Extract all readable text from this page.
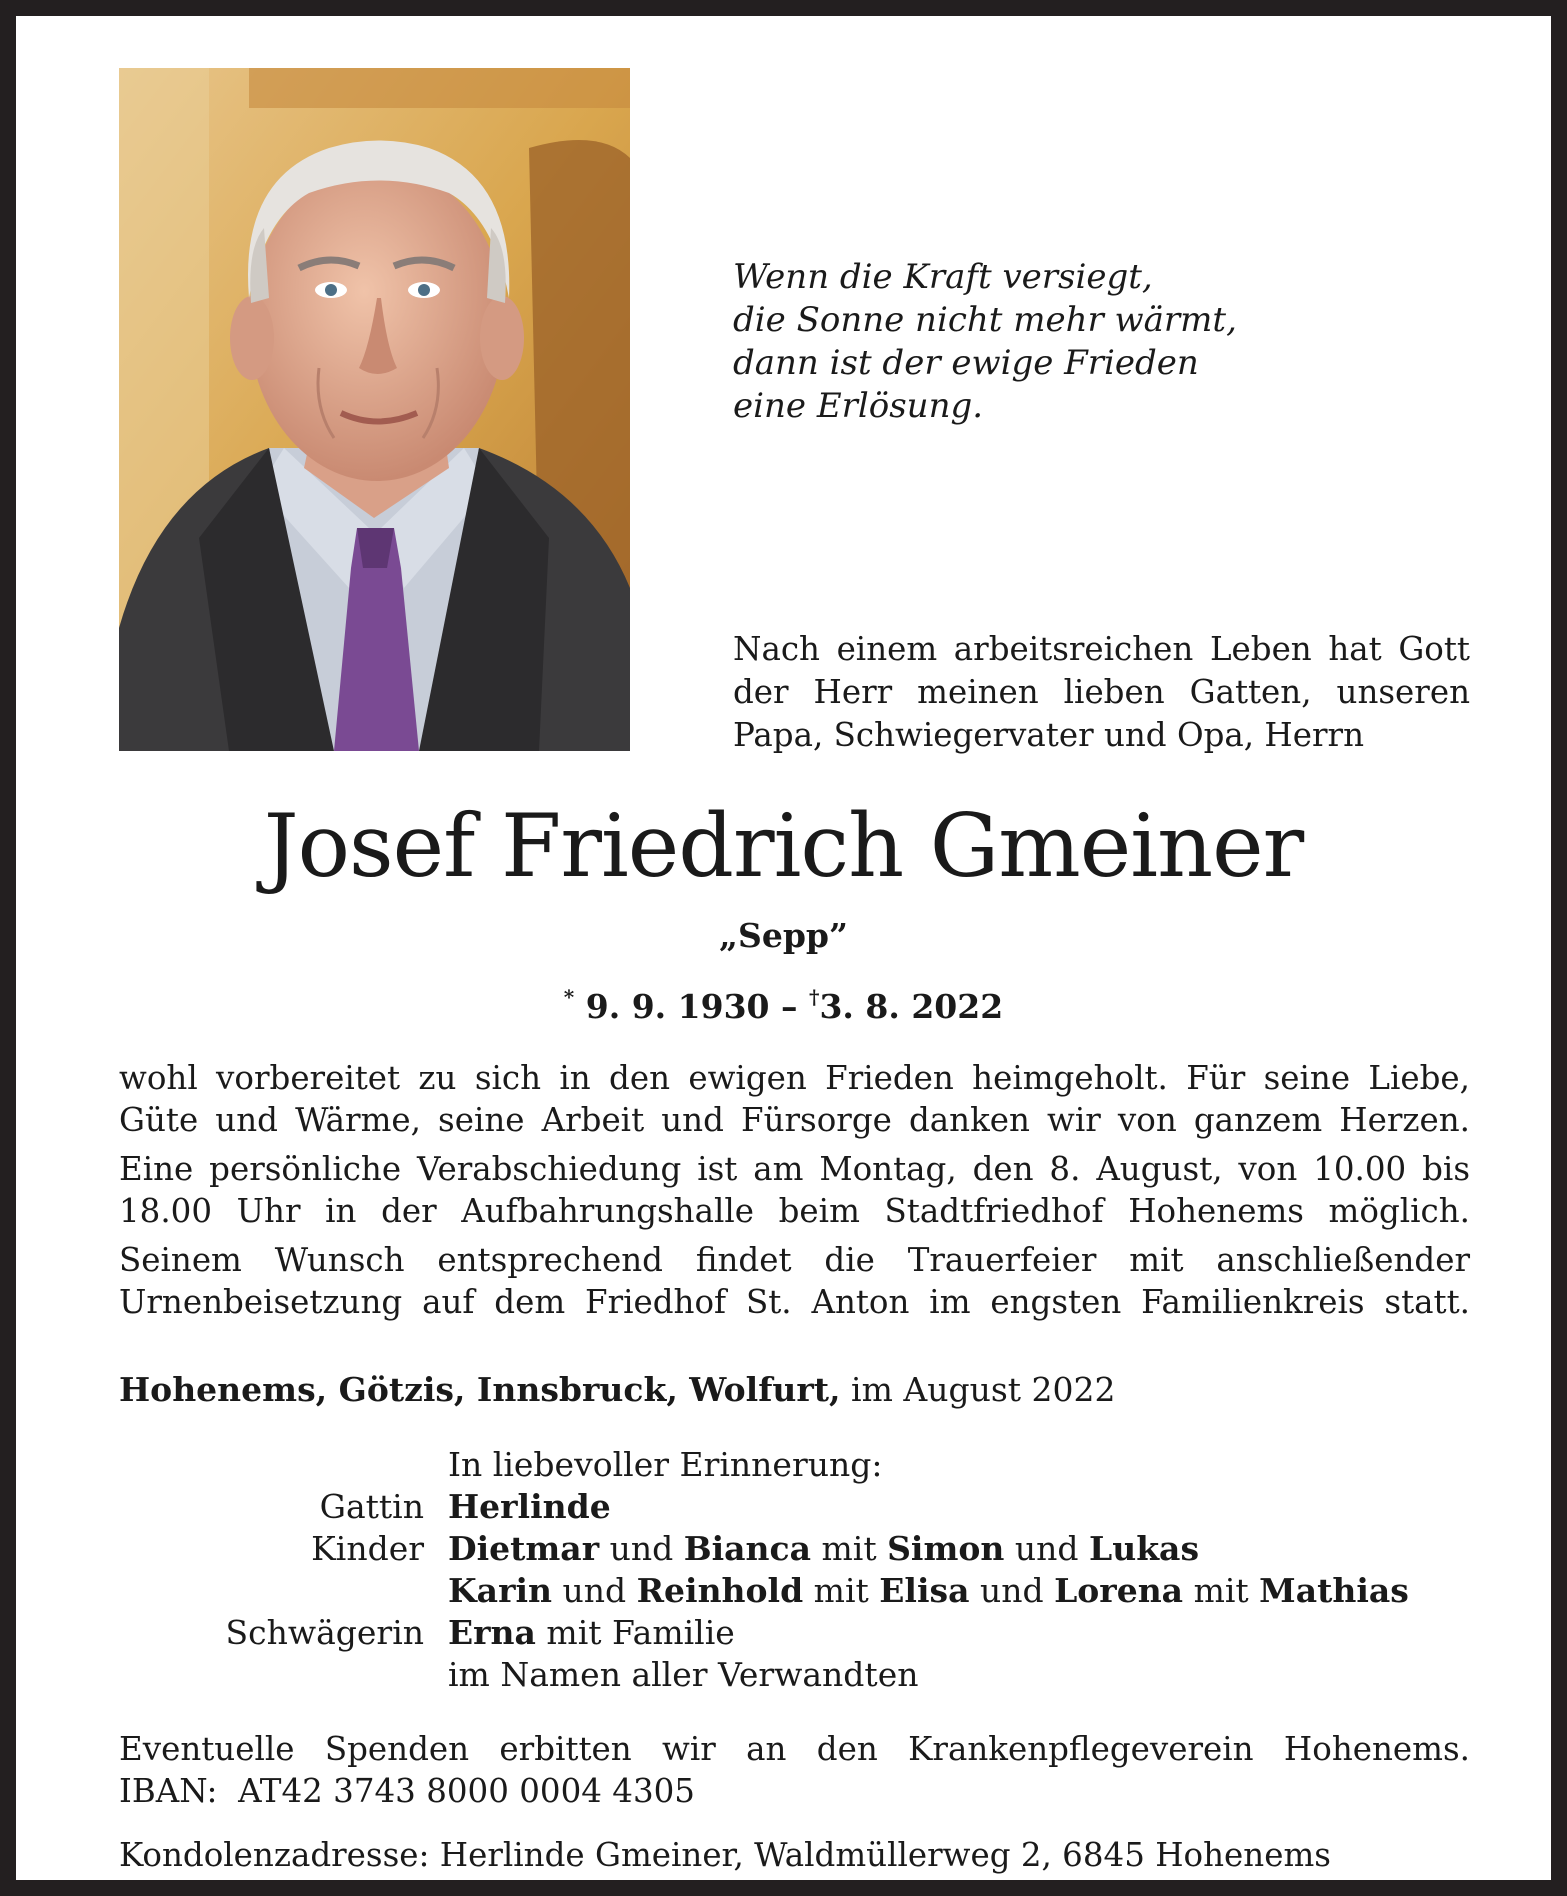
Wenn die Kraft versiegt,
die Sonne nicht mehr wärmt,
dann ist der ewige Frieden
eine Erlösung.
Nach einem arbeitsreichen Leben hat Gott
der Herr meinen lieben Gatten, unseren
Papa, Schwiegervater und Opa, Herrn
Josef Friedrich Gmeiner
„Sepp”
* 9. 9. 1930 – †3. 8. 2022

wohl vorbereitet zu sich in den ewigen Frieden heimgeholt. Für seine Liebe,
Güte und Wärme, seine Arbeit und Fürsorge danken wir von ganzem Herzen.

Eine persönliche Verabschiedung ist am Montag, den 8. August, von 10.00 bis
18.00 Uhr in der Aufbahrungshalle beim Stadtfriedhof Hohenems möglich.

Seinem Wunsch entsprechend findet die Trauerfeier mit anschließender
Urnenbeisetzung auf dem Friedhof St. Anton im engsten Familienkreis statt.

Hohenems, Götzis, Innsbruck, Wolfurt, im August 2022
In liebevoller Erinnerung:
Gattin Herlinde
Kinder Dietmar und Bianca mit Simon und Lukas
Karin und Reinhold mit Elisa und Lorena mit Mathias
Schwägerin Erna mit Familie
im Namen aller Verwandten
Eventuelle Spenden erbitten wir an den Krankenpflegeverein Hohenems.
IBAN: AT42 3743 8000 0004 4305
Kondolenzadresse: Herlinde Gmeiner, Waldmüllerweg 2, 6845 Hohenems
